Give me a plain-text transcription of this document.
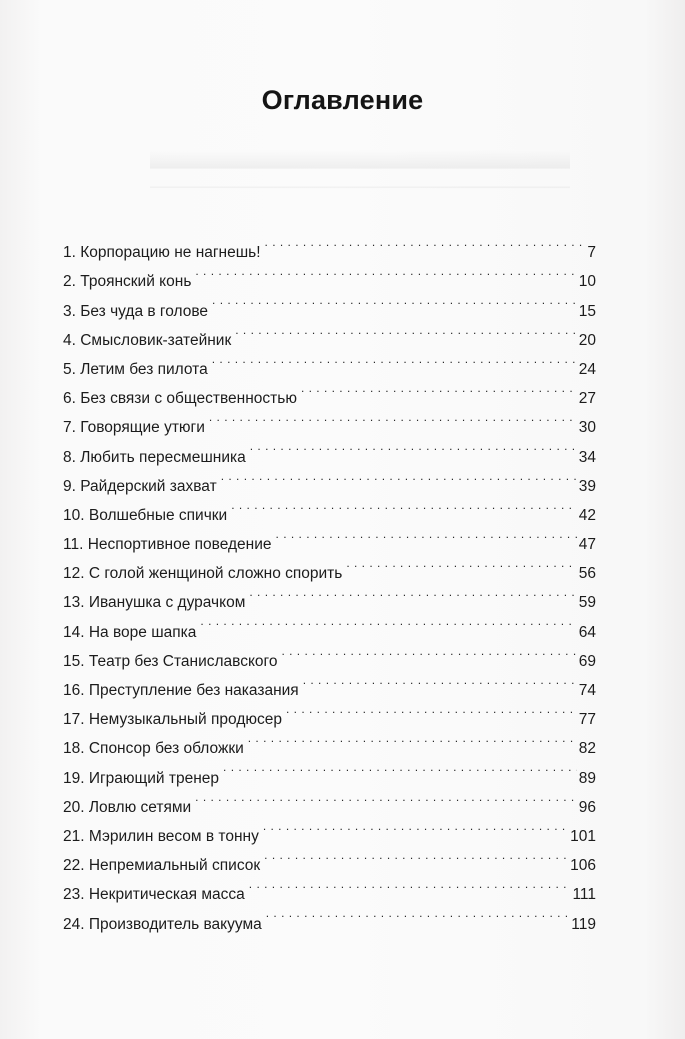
Оглавление
1. Корпорацию не нагнешь! . . .	7
2. Троянский конь . . .	10
3. Без чуда в голове . . .	15
4. Смысловик-затейник . . .	20
5. Летим без пилота . . .	24
6. Без связи с общественностью . . .	27
7. Говорящие утюги . . .	30
8. Любить пересмешника . . .	34
9. Райдерский захват . . .	39
10. Волшебные спички . . .	42
11. Неспортивное поведение . . .	47
12. С голой женщиной сложно спорить . . .	56
13. Иванушка с дурачком . . .	59
14. На воре шапка . . .	64
15. Театр без Станиславского . . .	69
16. Преступление без наказания . . .	74
17. Немузыкальный продюсер . . .	77
18. Спонсор без обложки . . .	82
19. Играющий тренер . . .	89
20. Ловлю сетями . . .	96
21. Мэрилин весом в тонну . . .	101
22. Непремиальный список . . .	106
23. Некритическая масса . . .	111
24. Производитель вакуума . . .	119
